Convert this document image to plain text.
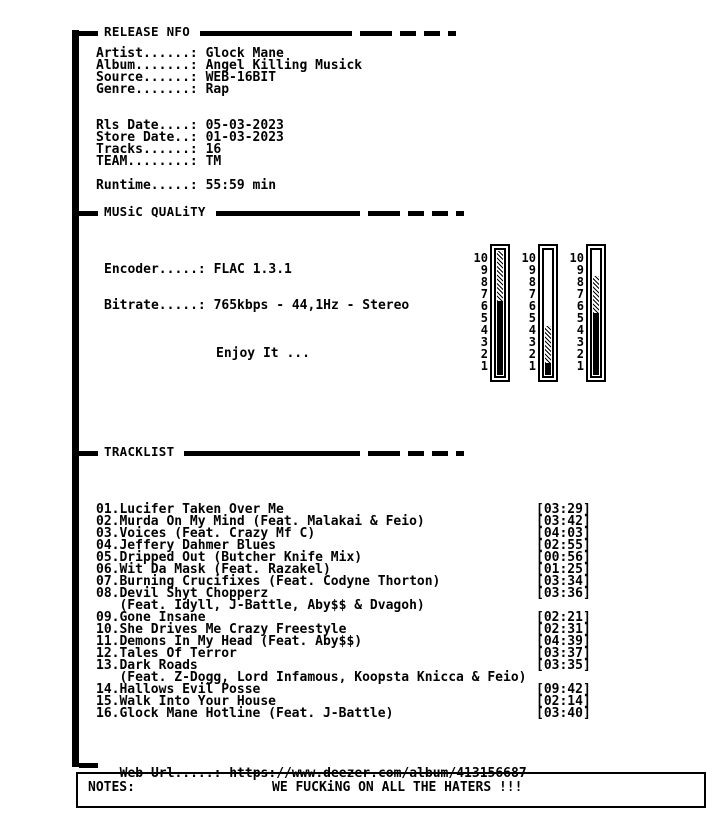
RELEASE NFO

Artist......: Glock Mane

Album.......: Angel Killing Musick

Source......: WEB-16BIT

Genre.......: Rap

Rls Date....: 05-03-2023

Store Date..: 01-03-2023

Tracks......: 16

TEAM........: TM

Runtime.....: 55:59 min

MUSiC QUALiTY

Encoder.....: FLAC 1.3.1

Bitrate.....: 765kbps - 44,1Hz - Stereo

Enjoy It ...

10
9
8
7
6
5
4
3
2
1
10
9
8
7
6
5
4
3
2
1
10
9
8
7
6
5
4
3
2
1
TRACKLIST
01.Lucifer Taken Over Me	[03:29]
02.Murda On My Mind (Feat. Malakai & Feio)	[03:42]
03.Voices (Feat. Crazy Mf C)	[04:03]
04.Jeffery Dahmer Blues	[02:55]
05.Dripped Out (Butcher Knife Mix)	[00:56]
06.Wit Da Mask (Feat. Razakel)	[01:25]
07.Burning Crucifixes (Feat. Codyne Thorton)	[03:34]
08.Devil Shyt Chopperz	[03:36]
(Feat. Idyll, J-Battle, Aby$$ & Dvagoh)
09.Gone Insane	[02:21]
10.She Drives Me Crazy Freestyle	[02:31]
11.Demons In My Head (Feat. Aby$$)	[04:39]
12.Tales Of Terror	[03:37]
13.Dark Roads	[03:35]
(Feat. Z-Dogg, Lord Infamous, Koopsta Knicca & Feio)
14.Hallows Evil Posse	[09:42]
15.Walk Into Your House	[02:14]
16.Glock Mane Hotline (Feat. J-Battle)	[03:40]

Web-Url.....: https://www.deezer.com/album/413156687

NOTES:	WE FUCKiNG ON ALL THE HATERS !!!
